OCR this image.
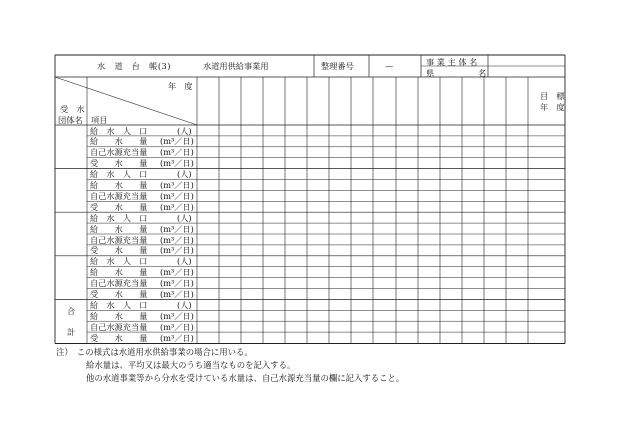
水　道　台　帳(3)	水道用供給事業用	整理番号	—	事 業 主 体 名
県	名
年　度
受　水
団体名 項目
目　標
年　度
給　水　人　口	(人)
給　　水　　量 (m³／日)
自己水源充当量 (m³／日)
受　　水　　量 (m³／日)
給　水　人　口	(人)
給　　水　　量 (m³／日)
自己水源充当量 (m³／日)
受　　水　　量 (m³／日)
給　水　人　口	(人)
給　　水　　量 (m³／日)
自己水源充当量 (m³／日)
受　　水　　量 (m³／日)
給　水　人　口	(人)
給　　水　　量 (m³／日)
自己水源充当量 (m³／日)
受　　水　　量 (m³／日)
給　水　人　口	(人)
給　　水　　量 (m³／日)
自己水源充当量 (m³／日)
受　　水　　量 (m³／日)
合
計
注）　この様式は水道用水供給事業の場合に用いる。
給水量は、平均又は最大のうち適当なものを記入する。
他の水道事業等から分水を受けている水量は、自己水源充当量の欄に記入すること。
